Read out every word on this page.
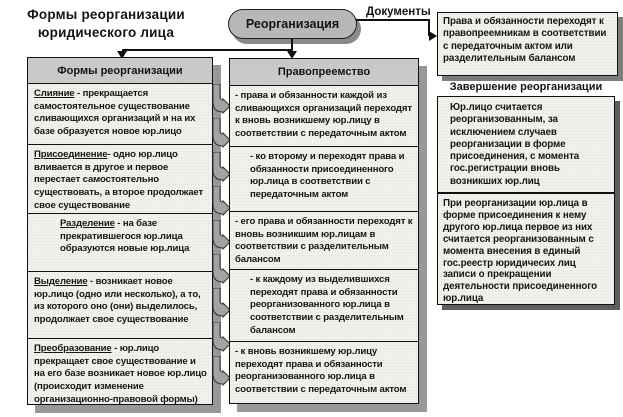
Формы реорганизации юридического лица
Реорганизация
Документы
Права и обязанности переходят к правопреемникам в соответствии с передаточным актом или разделительным балансом
Формы реорганизации
Слияние - прекращается самостоятельное существование сливающихся организаций и на их базе образуется новое юр.лицо
Присоединение- одно юр.лицо вливается в другое и первое перестает самостоятельно существовать, а второе продолжает свое существование
Разделение - на базе прекратившегося юр.лица образуются новые юр.лица
Выделение - возникает новое юр.лицо (одно или несколько), а то, из которого оно (они) выделилось, продолжает свое существование
Преобразование - юр.лицо прекращает свое существование и на его базе возникает новое юр.лицо (происходит изменение организационно-правовой формы)
Правопреемство
- права и обязанности каждой из сливающихся организаций переходят к вновь возникшему юр.лицу в соответствии с передаточным актом
- ко второму и переходят права и обязанности присоединенного юр.лица в соответствии с передаточным актом
- его права и обязанности переходят к вновь возникшим юр.лицам в соответствии с разделительным балансом
- к каждому из выделившихся переходят права и обязанности реорганизованного юр.лица в соответствии с разделительным балансом
- к вновь возникшему юр.лицу переходят права и обязанности реорганизованного юр.лица в соответствии с передаточным актом
Завершение реорганизации
Юр.лицо считается реорганизованным, за исключением случаев реорганизации в форме присоединения, с момента гос.регистрации вновь возникших юр.лиц
При реорганизации юр.лица в форме присоединения к нему другого юр.лица первое из них считается реорганизованным с момента внесения в единый гос.реестр юридичесих лиц записи о прекращении деятельности присоединенного юр.лица
